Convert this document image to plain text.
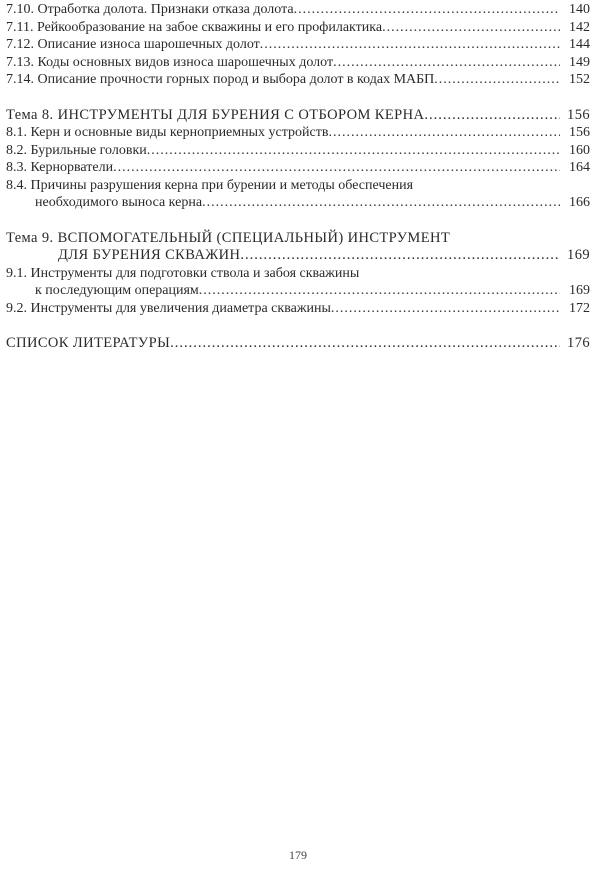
7.10. Отработка долота. Признаки отказа долота .....	140
7.11. Рейкообразование на забое скважины и его профилактика .....	142
7.12. Описание износа шарошечных долот .....	144
7.13. Коды основных видов износа шарошечных долот .....	149
7.14. Описание прочности горных пород и выбора долот в кодах МАБП .....	152
Тема 8. ИНСТРУМЕНТЫ ДЛЯ БУРЕНИЯ С ОТБОРОМ КЕРНА .....	156
8.1. Керн и основные виды керноприемных устройств .....	156
8.2. Бурильные головки .....	160
8.3. Кернорватели .....	164
8.4. Причины разрушения керна при бурении и методы обеспечения
необходимого выноса керна .....	166
Тема 9. ВСПОМОГАТЕЛЬНЫЙ (СПЕЦИАЛЬНЫЙ) ИНСТРУМЕНТ
ДЛЯ БУРЕНИЯ СКВАЖИН .....	169
9.1. Инструменты для подготовки ствола и забоя скважины
к последующим операциям .....	169
9.2. Инструменты для увеличения диаметра скважины .....	172
СПИСОК ЛИТЕРАТУРЫ .....	176
179
